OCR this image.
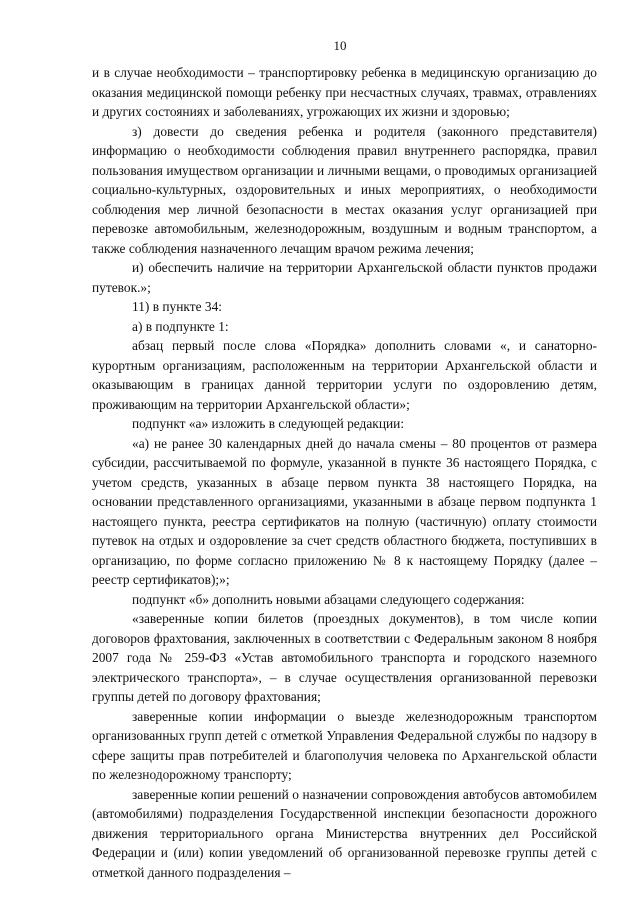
10

и в случае необходимости – транспортировку ребенка в медицинскую организацию до оказания медицинской помощи ребенку при несчастных случаях, травмах, отравлениях и других состояниях и заболеваниях, угрожающих их жизни и здоровью;

з) довести до сведения ребенка и родителя (законного представителя) информацию о необходимости соблюдения правил внутреннего распорядка, правил пользования имуществом организации и личными вещами, о проводимых организацией социально-культурных, оздоровительных и иных мероприятиях, о необходимости соблюдения мер личной безопасности в местах оказания услуг организацией при перевозке автомобильным, железнодорожным, воздушным и водным транспортом, а также соблюдения назначенного лечащим врачом режима лечения;

и) обеспечить наличие на территории Архангельской области пунктов продажи путевок.»;

11) в пункте 34:

а) в подпункте 1:

абзац первый после слова «Порядка» дополнить словами «, и санаторно-курортным организациям, расположенным на территории Архангельской области и оказывающим в границах данной территории услуги по оздоровлению детям, проживающим на территории Архангельской области»;

подпункт «а» изложить в следующей редакции:

«а) не ранее 30 календарных дней до начала смены – 80 процентов от размера субсидии, рассчитываемой по формуле, указанной в пункте 36 настоящего Порядка, с учетом средств, указанных в абзаце первом пункта 38 настоящего Порядка, на основании представленного организациями, указанными в абзаце первом подпункта 1 настоящего пункта, реестра сертификатов на полную (частичную) оплату стоимости путевок на отдых и оздоровление за счет средств областного бюджета, поступивших в организацию, по форме согласно приложению № 8 к настоящему Порядку (далее – реестр сертификатов);»;

подпункт «б» дополнить новыми абзацами следующего содержания:

«заверенные копии билетов (проездных документов), в том числе копии договоров фрахтования, заключенных в соответствии с Федеральным законом 8 ноября 2007 года № 259-ФЗ «Устав автомобильного транспорта и городского наземного электрического транспорта», – в случае осуществления организованной перевозки группы детей по договору фрахтования;

заверенные копии информации о выезде железнодорожным транспортом организованных групп детей с отметкой Управления Федеральной службы по надзору в сфере защиты прав потребителей и благополучия человека по Архангельской области по железнодорожному транспорту;

заверенные копии решений о назначении сопровождения автобусов автомобилем (автомобилями) подразделения Государственной инспекции безопасности дорожного движения территориального органа Министерства внутренних дел Российской Федерации и (или) копии уведомлений об организованной перевозке группы детей с отметкой данного подразделения –
